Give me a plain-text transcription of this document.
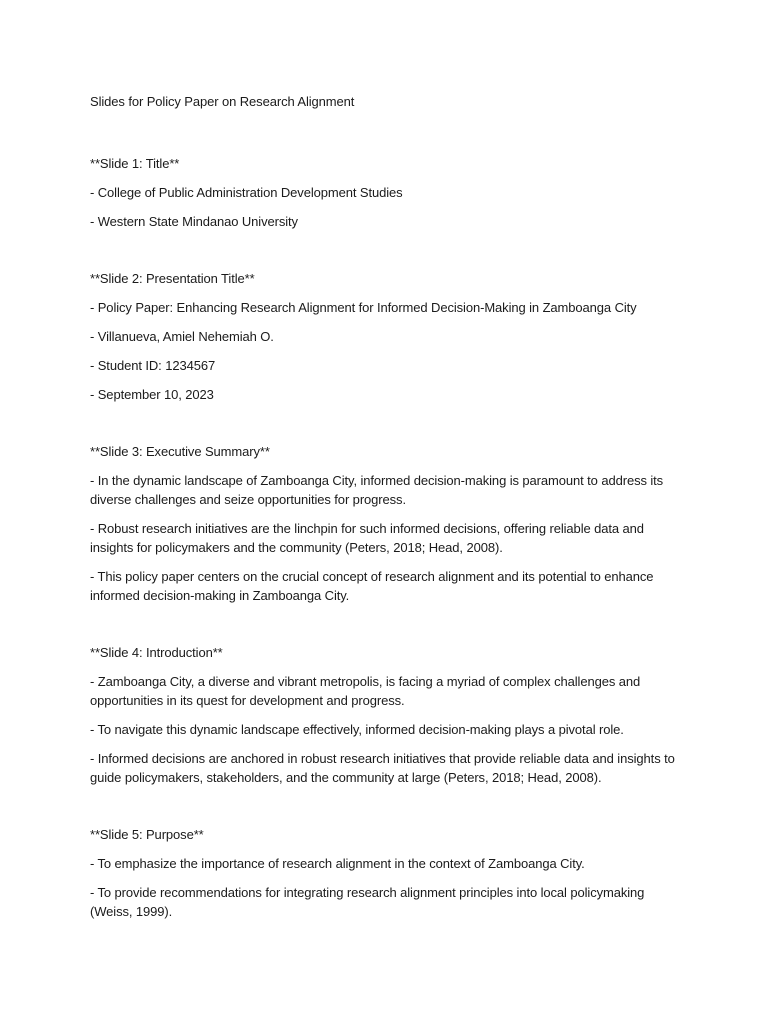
Slides for Policy Paper on Research Alignment
**Slide 1: Title**
- College of Public Administration Development Studies
- Western State Mindanao University
**Slide 2: Presentation Title**
- Policy Paper: Enhancing Research Alignment for Informed Decision-Making in Zamboanga City
- Villanueva, Amiel Nehemiah O.
- Student ID: 1234567
- September 10, 2023
**Slide 3: Executive Summary**
- In the dynamic landscape of Zamboanga City, informed decision-making is paramount to address its diverse challenges and seize opportunities for progress.
- Robust research initiatives are the linchpin for such informed decisions, offering reliable data and insights for policymakers and the community (Peters, 2018; Head, 2008).
- This policy paper centers on the crucial concept of research alignment and its potential to enhance informed decision-making in Zamboanga City.
**Slide 4: Introduction**
- Zamboanga City, a diverse and vibrant metropolis, is facing a myriad of complex challenges and opportunities in its quest for development and progress.
- To navigate this dynamic landscape effectively, informed decision-making plays a pivotal role.
- Informed decisions are anchored in robust research initiatives that provide reliable data and insights to guide policymakers, stakeholders, and the community at large (Peters, 2018; Head, 2008).
**Slide 5: Purpose**
- To emphasize the importance of research alignment in the context of Zamboanga City.
- To provide recommendations for integrating research alignment principles into local policymaking (Weiss, 1999).
